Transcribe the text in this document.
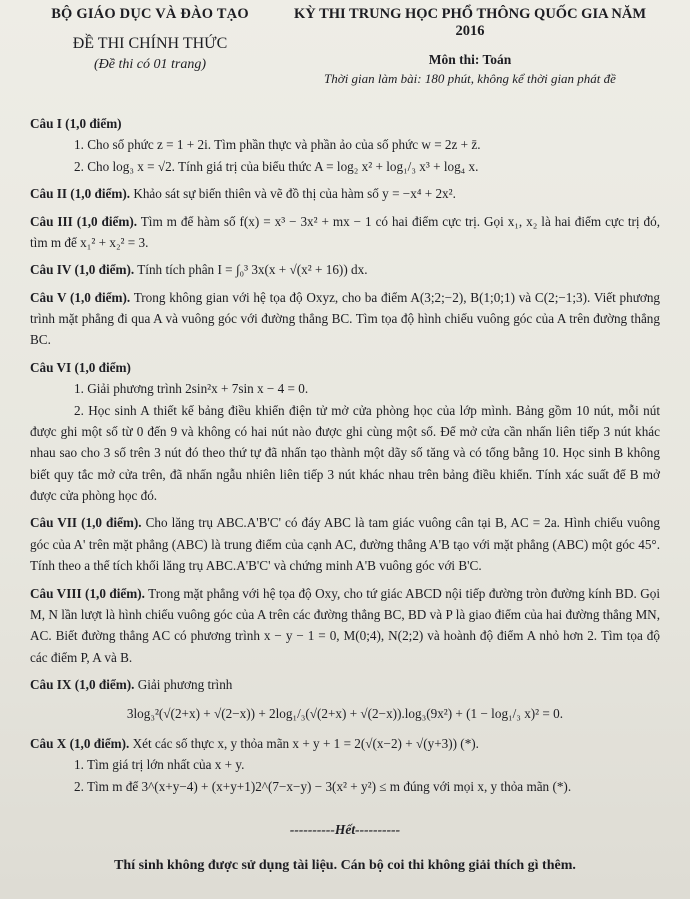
BỘ GIÁO DỤC VÀ ĐÀO TẠO
ĐỀ THI CHÍNH THỨC
(Đề thi có 01 trang)
KỲ THI TRUNG HỌC PHỔ THÔNG QUỐC GIA NĂM 2016
Môn thi: Toán
Thời gian làm bài: 180 phút, không kể thời gian phát đề
Câu I (1,0 điểm)
1. Cho số phức z = 1 + 2i. Tìm phần thực và phần ảo của số phức w = 2z + z̄.
2. Cho log₃ x = √2. Tính giá trị của biểu thức A = log₂ x² + log₁/₃ x³ + log₄ x.
Câu II (1,0 điểm). Khảo sát sự biến thiên và vẽ đồ thị của hàm số y = −x⁴ + 2x².
Câu III (1,0 điểm). Tìm m để hàm số f(x) = x³ − 3x² + mx − 1 có hai điểm cực trị. Gọi x₁, x₂ là hai điểm cực trị đó, tìm m để x₁² + x₂² = 3.
Câu IV (1,0 điểm). Tính tích phân I = ∫₀³ 3x(x + √(x² + 16)) dx.
Câu V (1,0 điểm). Trong không gian với hệ tọa độ Oxyz, cho ba điểm A(3;2;−2), B(1;0;1) và C(2;−1;3). Viết phương trình mặt phẳng đi qua A và vuông góc với đường thẳng BC. Tìm tọa độ hình chiếu vuông góc của A trên đường thẳng BC.
Câu VI (1,0 điểm)
1. Giải phương trình 2sin²x + 7sin x − 4 = 0.
2. Học sinh A thiết kế bảng điều khiển điện tử mở cửa phòng học của lớp mình. Bảng gồm 10 nút, mỗi nút được ghi một số từ 0 đến 9 và không có hai nút nào được ghi cùng một số. Để mở cửa cần nhấn liên tiếp 3 nút khác nhau sao cho 3 số trên 3 nút đó theo thứ tự đã nhấn tạo thành một dãy số tăng và có tổng bằng 10. Học sinh B không biết quy tắc mở cửa trên, đã nhấn ngẫu nhiên liên tiếp 3 nút khác nhau trên bảng điều khiển. Tính xác suất để B mở được cửa phòng học đó.
Câu VII (1,0 điểm). Cho lăng trụ ABC.A'B'C' có đáy ABC là tam giác vuông cân tại B, AC = 2a. Hình chiếu vuông góc của A' trên mặt phẳng (ABC) là trung điểm của cạnh AC, đường thẳng A'B tạo với mặt phẳng (ABC) một góc 45°. Tính theo a thể tích khối lăng trụ ABC.A'B'C' và chứng minh A'B vuông góc với B'C.
Câu VIII (1,0 điểm). Trong mặt phẳng với hệ tọa độ Oxy, cho tứ giác ABCD nội tiếp đường tròn đường kính BD. Gọi M, N lần lượt là hình chiếu vuông góc của A trên các đường thẳng BC, BD và P là giao điểm của hai đường thẳng MN, AC. Biết đường thẳng AC có phương trình x − y − 1 = 0, M(0;4), N(2;2) và hoành độ điểm A nhỏ hơn 2. Tìm tọa độ các điểm P, A và B.
Câu IX (1,0 điểm). Giải phương trình
3log₃²(√(2+x) + √(2−x)) + 2log₁/₃(√(2+x) + √(2−x)).log₃(9x²) + (1 − log₁/₃ x)² = 0.
Câu X (1,0 điểm). Xét các số thực x, y thỏa mãn x + y + 1 = 2(√(x−2) + √(y+3)) (*).
1. Tìm giá trị lớn nhất của x + y.
2. Tìm m để 3^(x+y−4) + (x+y+1)2^(7−x−y) − 3(x² + y²) ≤ m đúng với mọi x, y thỏa mãn (*).
----------Hết----------
Thí sinh không được sử dụng tài liệu. Cán bộ coi thi không giải thích gì thêm.
